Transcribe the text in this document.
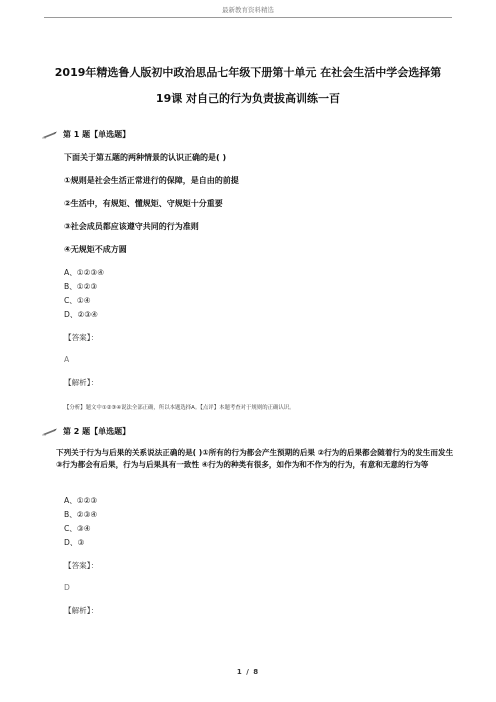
最新教育资料精选
2019年精选鲁人版初中政治思品七年级下册第十单元 在社会生活中学会选择第
19课 对自己的行为负责拔高训练一百
第 1 题【单选题】
下面关于第五题的两种情景的认识正确的是( )
①规则是社会生活正常进行的保障，是自由的前提
②生活中，有规矩、懂规矩、守规矩十分重要
③社会成员都应该遵守共同的行为准则
④无规矩不成方圆
A、①②③④
B、①②③
C、①④
D、②③④
【答案】：
A
【解析】：
【分析】题文中①②③④说法全部正确，所以本题选择A。【点评】本题考查对于规则的正确认识。
第 2 题【单选题】
下列关于行为与后果的关系说法正确的是( )①所有的行为都会产生预期的后果 ②行为的后果都会随着行为的发生而发生③行为都会有后果，行为与后果具有一致性 ④行为的种类有很多，如作为和不作为的行为，有意和无意的行为等
A、①②③
B、②③④
C、③④
D、③
【答案】：
D
【解析】：
1 / 8
